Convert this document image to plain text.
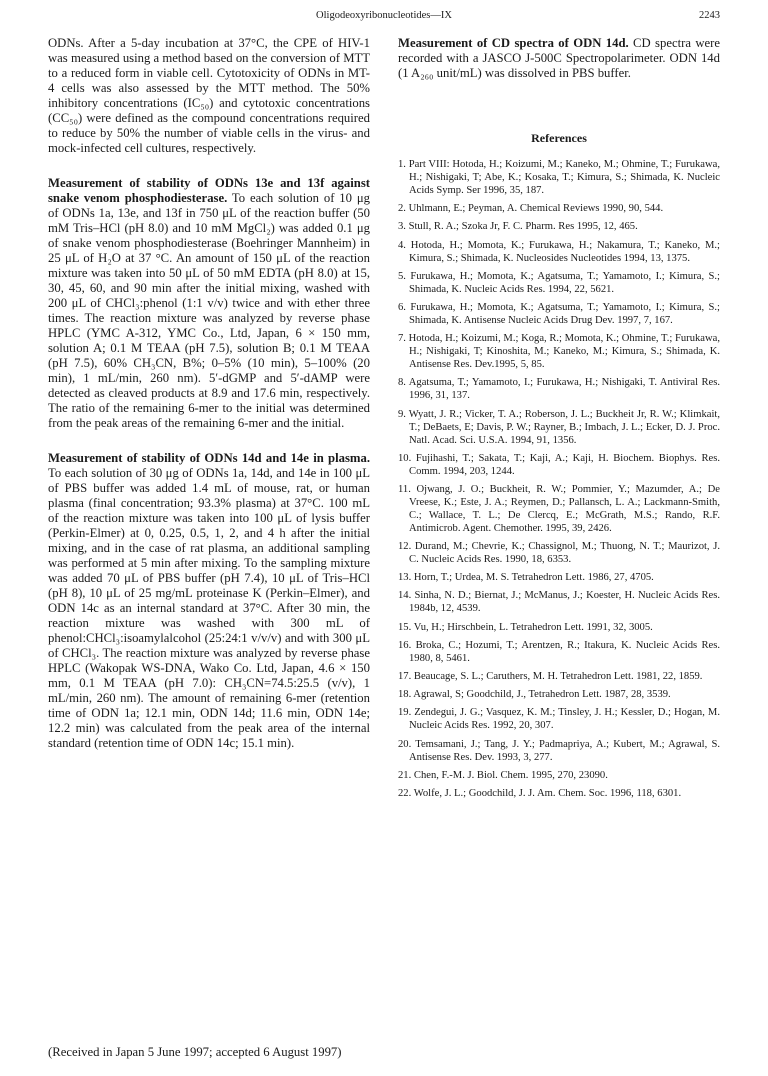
Oligodeoxyribonucleotides—IX	2243

ODNs. After a 5-day incubation at 37°C, the CPE of HIV-1 was measured using a method based on the conversion of MTT to a reduced form in viable cell. Cytotoxicity of ODNs in MT-4 cells was also assessed by the MTT method. The 50% inhibitory concentrations (IC₅₀) and cytotoxic concentrations (CC₅₀) were defined as the compound concentrations required to reduce by 50% the number of viable cells in the virus- and mock-infected cell cultures, respectively.

Measurement of stability of ODNs 13e and 13f against snake venom phosphodiesterase. To each solution of 10 μg of ODNs 1a, 13e, and 13f in 750 μL of the reaction buffer (50 mM Tris–HCl (pH 8.0) and 10 mM MgCl₂) was added 0.1 μg of snake venom phosphodiesterase (Boehringer Mannheim) in 25 μL of H₂O at 37 °C. An amount of 150 μL of the reaction mixture was taken into 50 μL of 50 mM EDTA (pH 8.0) at 15, 30, 45, 60, and 90 min after the initial mixing, washed with 200 μL of CHCl₃:phenol (1:1 v/v) twice and with ether three times. The reaction mixture was analyzed by reverse phase HPLC (YMC A-312, YMC Co., Ltd, Japan, 6 × 150 mm, solution A; 0.1 M TEAA (pH 7.5), solution B; 0.1 M TEAA (pH 7.5), 60% CH₃CN, B%; 0–5% (10 min), 5–100% (20 min), 1 mL/min, 260 nm). 5′-dGMP and 5′-dAMP were detected as cleaved products at 8.9 and 17.6 min, respectively. The ratio of the remaining 6-mer to the initial was determined from the peak areas of the remaining 6-mer and the initial.

Measurement of stability of ODNs 14d and 14e in plasma. To each solution of 30 μg of ODNs 1a, 14d, and 14e in 100 μL of PBS buffer was added 1.4 mL of mouse, rat, or human plasma (final concentration; 93.3% plasma) at 37°C. 100 mL of the reaction mixture was taken into 100 μL of lysis buffer (Perkin-Elmer) at 0, 0.25, 0.5, 1, 2, and 4 h after the initial mixing, and in the case of rat plasma, an additional sampling was performed at 5 min after mixing. To the sampling mixture was added 70 μL of PBS buffer (pH 7.4), 10 μL of Tris–HCl (pH 8), 10 μL of 25 mg/mL proteinase K (Perkin–Elmer), and ODN 14c as an internal standard at 37°C. After 30 min, the reaction mixture was washed with 300 mL of phenol:CHCl₃:isoamylalcohol (25:24:1 v/v/v) and with 300 μL of CHCl₃. The reaction mixture was analyzed by reverse phase HPLC (Wakopak WS-DNA, Wako Co. Ltd, Japan, 4.6 × 150 mm, 0.1 M TEAA (pH 7.0): CH₃CN=74.5:25.5 (v/v), 1 mL/min, 260 nm). The amount of remaining 6-mer (retention time of ODN 1a; 12.1 min, ODN 14d; 11.6 min, ODN 14e; 12.2 min) was calculated from the peak area of the internal standard (retention time of ODN 14c; 15.1 min).

Measurement of CD spectra of ODN 14d. CD spectra were recorded with a JASCO J-500C Spectropolarimeter. ODN 14d (1 A₂₆₀ unit/mL) was dissolved in PBS buffer.

References
1. Part VIII: Hotoda, H.; Koizumi, M.; Kaneko, M.; Ohmine, T.; Furukawa, H.; Nishigaki, T; Abe, K.; Kosaka, T.; Kimura, S.; Shimada, K. Nucleic Acids Symp. Ser 1996, 35, 187.
2. Uhlmann, E.; Peyman, A. Chemical Reviews 1990, 90, 544.
3. Stull, R. A.; Szoka Jr, F. C. Pharm. Res 1995, 12, 465.
4. Hotoda, H.; Momota, K.; Furukawa, H.; Nakamura, T.; Kaneko, M.; Kimura, S.; Shimada, K. Nucleosides Nucleotides 1994, 13, 1375.
5. Furukawa, H.; Momota, K.; Agatsuma, T.; Yamamoto, I.; Kimura, S.; Shimada, K. Nucleic Acids Res. 1994, 22, 5621.
6. Furukawa, H.; Momota, K.; Agatsuma, T.; Yamamoto, I.; Kimura, S.; Shimada, K. Antisense Nucleic Acids Drug Dev. 1997, 7, 167.
7. Hotoda, H.; Koizumi, M.; Koga, R.; Momota, K.; Ohmine, T.; Furukawa, H.; Nishigaki, T; Kinoshita, M.; Kaneko, M.; Kimura, S.; Shimada, K. Antisense Res. Dev.1995, 5, 85.
8. Agatsuma, T.; Yamamoto, I.; Furukawa, H.; Nishigaki, T. Antiviral Res. 1996, 31, 137.
9. Wyatt, J. R.; Vicker, T. A.; Roberson, J. L.; Buckheit Jr, R. W.; Klimkait, T.; DeBaets, E; Davis, P. W.; Rayner, B.; Imbach, J. L.; Ecker, D. J. Proc. Natl. Acad. Sci. U.S.A. 1994, 91, 1356.
10. Fujihashi, T.; Sakata, T.; Kaji, A.; Kaji, H. Biochem. Biophys. Res. Comm. 1994, 203, 1244.
11. Ojwang, J. O.; Buckheit, R. W.; Pommier, Y.; Mazumder, A.; De Vreese, K.; Este, J. A.; Reymen, D.; Pallansch, L. A.; Lackmann-Smith, C.; Wallace, T. L.; De Clercq, E.; McGrath, M.S.; Rando, R.F. Antimicrob. Agent. Chemother. 1995, 39, 2426.
12. Durand, M.; Chevrie, K.; Chassignol, M.; Thuong, N. T.; Maurizot, J. C. Nucleic Acids Res. 1990, 18, 6353.
13. Horn, T.; Urdea, M. S. Tetrahedron Lett. 1986, 27, 4705.
14. Sinha, N. D.; Biernat, J.; McManus, J.; Koester, H. Nucleic Acids Res. 1984b, 12, 4539.
15. Vu, H.; Hirschbein, L. Tetrahedron Lett. 1991, 32, 3005.
16. Broka, C.; Hozumi, T.; Arentzen, R.; Itakura, K. Nucleic Acids Res. 1980, 8, 5461.
17. Beaucage, S. L.; Caruthers, M. H. Tetrahedron Lett. 1981, 22, 1859.
18. Agrawal, S; Goodchild, J., Tetrahedron Lett. 1987, 28, 3539.
19. Zendegui, J. G.; Vasquez, K. M.; Tinsley, J. H.; Kessler, D.; Hogan, M. Nucleic Acids Res. 1992, 20, 307.
20. Temsamani, J.; Tang, J. Y.; Padmapriya, A.; Kubert, M.; Agrawal, S. Antisense Res. Dev. 1993, 3, 277.
21. Chen, F.-M. J. Biol. Chem. 1995, 270, 23090.
22. Wolfe, J. L.; Goodchild, J. J. Am. Chem. Soc. 1996, 118, 6301.
(Received in Japan 5 June 1997; accepted 6 August 1997)
